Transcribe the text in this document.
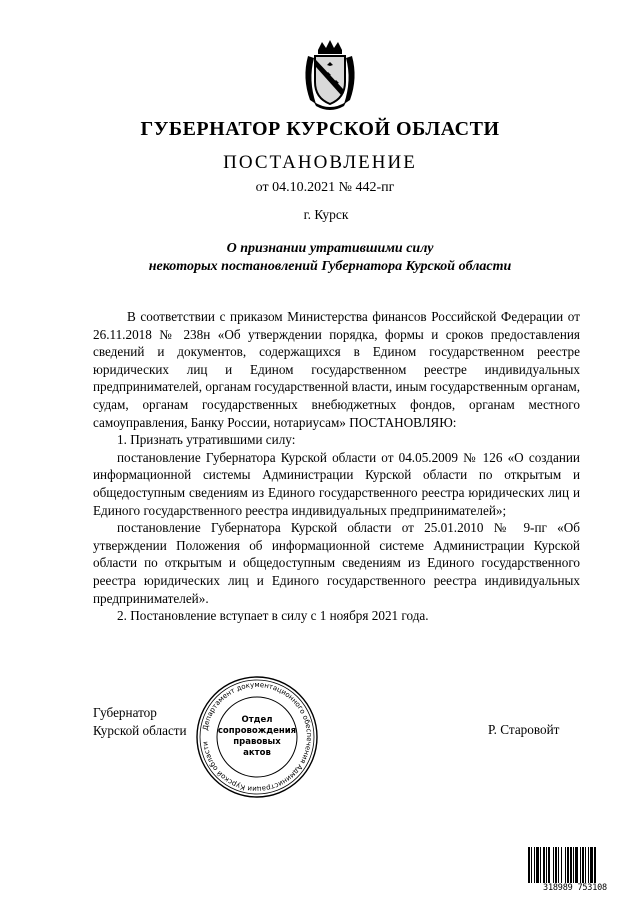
ГУБЕРНАТОР КУРСКОЙ ОБЛАСТИ
ПОСТАНОВЛЕНИЕ
от 04.10.2021 № 442-пг
г. Курск
О признании утратившими силу
некоторых постановлений Губернатора Курской области

В соответствии с приказом Министерства финансов Российской Федерации от 26.11.2018 № 238н «Об утверждении порядка, формы и сроков предоставления сведений и документов, содержащихся в Едином государственном реестре юридических лиц и Едином государственном реестре индивидуальных предпринимателей, органам государственной власти, иным государственным органам, судам, органам государственных внебюджетных фондов, органам местного самоуправления, Банку России, нотариусам» ПОСТАНОВЛЯЮ:

1. Признать утратившими силу:

постановление Губернатора Курской области от 04.05.2009 № 126 «О создании информационной системы Администрации Курской области по открытым и общедоступным сведениям из Единого государственного реестра юридических лиц и Единого государственного реестра индивидуальных предпринимателей»;

постановление Губернатора Курской области от 25.01.2010 № 9-пг «Об утверждении Положения об информационной системе Администрации Курской области по открытым и общедоступным сведениям из Единого государственного реестра юридических лиц и Единого государственного реестра индивидуальных предпринимателей».

2. Постановление вступает в силу с 1 ноября 2021 года.

Губернатор
Курской области	Р. Старовойт
Департамент документационного обеспечения Администрации Курской области
Отдел
сопровождения
правовых
актов
318989 753108
